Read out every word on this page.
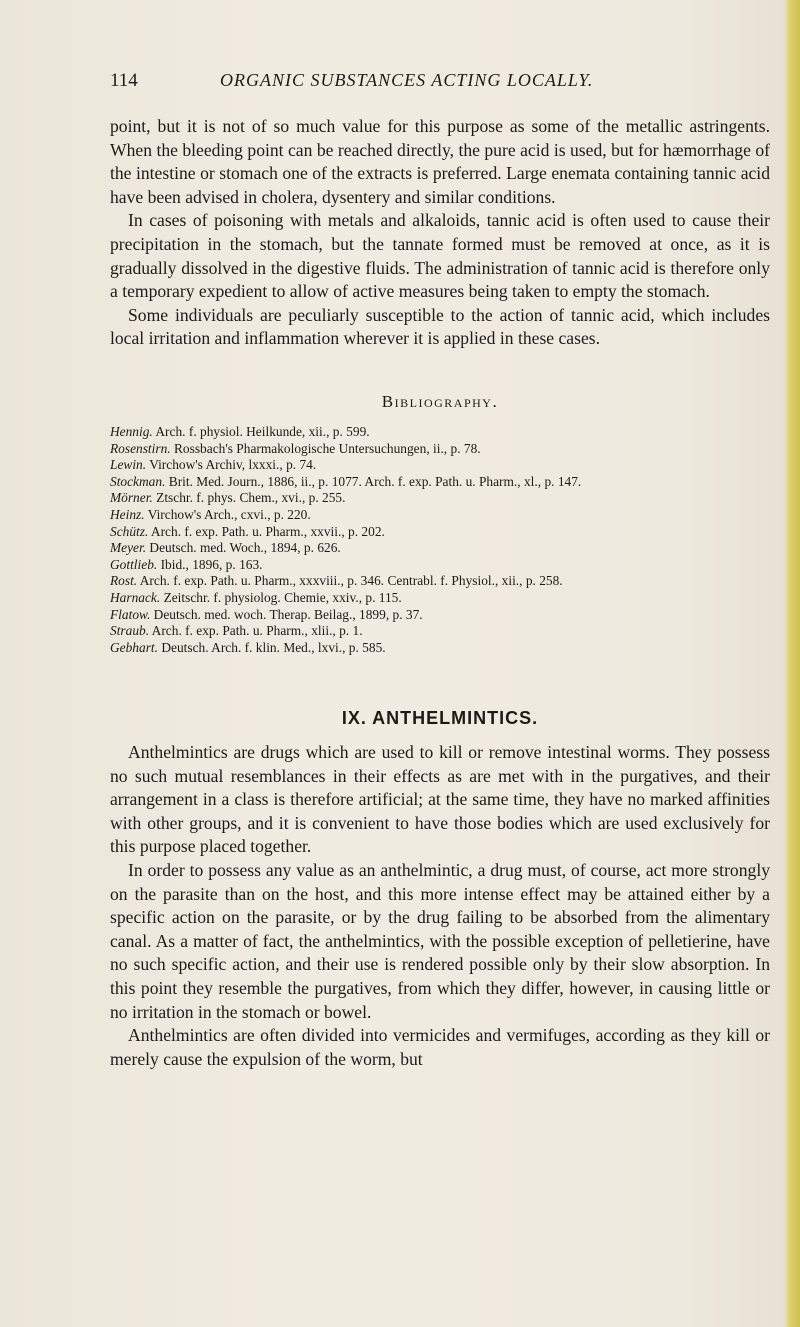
114	ORGANIC SUBSTANCES ACTING LOCALLY.

point, but it is not of so much value for this purpose as some of the metallic astringents. When the bleeding point can be reached directly, the pure acid is used, but for hæmorrhage of the intestine or stomach one of the extracts is preferred. Large enemata containing tannic acid have been advised in cholera, dysentery and similar conditions.

In cases of poisoning with metals and alkaloids, tannic acid is often used to cause their precipitation in the stomach, but the tannate formed must be removed at once, as it is gradually dissolved in the digestive fluids. The administration of tannic acid is therefore only a temporary expedient to allow of active measures being taken to empty the stomach.

Some individuals are peculiarly susceptible to the action of tannic acid, which includes local irritation and inflammation wherever it is applied in these cases.

Bibliography.
Hennig. Arch. f. physiol. Heilkunde, xii., p. 599.
Rosenstirn. Rossbach's Pharmakologische Untersuchungen, ii., p. 78.
Lewin. Virchow's Archiv, lxxxi., p. 74.
Stockman. Brit. Med. Journ., 1886, ii., p. 1077. Arch. f. exp. Path. u. Pharm., xl., p. 147.
Mörner. Ztschr. f. phys. Chem., xvi., p. 255.
Heinz. Virchow's Arch., cxvi., p. 220.
Schütz. Arch. f. exp. Path. u. Pharm., xxvii., p. 202.
Meyer. Deutsch. med. Woch., 1894, p. 626.
Gottlieb. Ibid., 1896, p. 163.
Rost. Arch. f. exp. Path. u. Pharm., xxxviii., p. 346. Centrabl. f. Physiol., xii., p. 258.
Harnack. Zeitschr. f. physiolog. Chemie, xxiv., p. 115.
Flatow. Deutsch. med. woch. Therap. Beilag., 1899, p. 37.
Straub. Arch. f. exp. Path. u. Pharm., xlii., p. 1.
Gebhart. Deutsch. Arch. f. klin. Med., lxvi., p. 585.
IX. ANTHELMINTICS.

Anthelmintics are drugs which are used to kill or remove intestinal worms. They possess no such mutual resemblances in their effects as are met with in the purgatives, and their arrangement in a class is therefore artificial; at the same time, they have no marked affinities with other groups, and it is convenient to have those bodies which are used exclusively for this purpose placed together.

In order to possess any value as an anthelmintic, a drug must, of course, act more strongly on the parasite than on the host, and this more intense effect may be attained either by a specific action on the parasite, or by the drug failing to be absorbed from the alimentary canal. As a matter of fact, the anthelmintics, with the possible exception of pelletierine, have no such specific action, and their use is rendered possible only by their slow absorption. In this point they resemble the purgatives, from which they differ, however, in causing little or no irritation in the stomach or bowel.

Anthelmintics are often divided into vermicides and vermifuges, according as they kill or merely cause the expulsion of the worm, but
